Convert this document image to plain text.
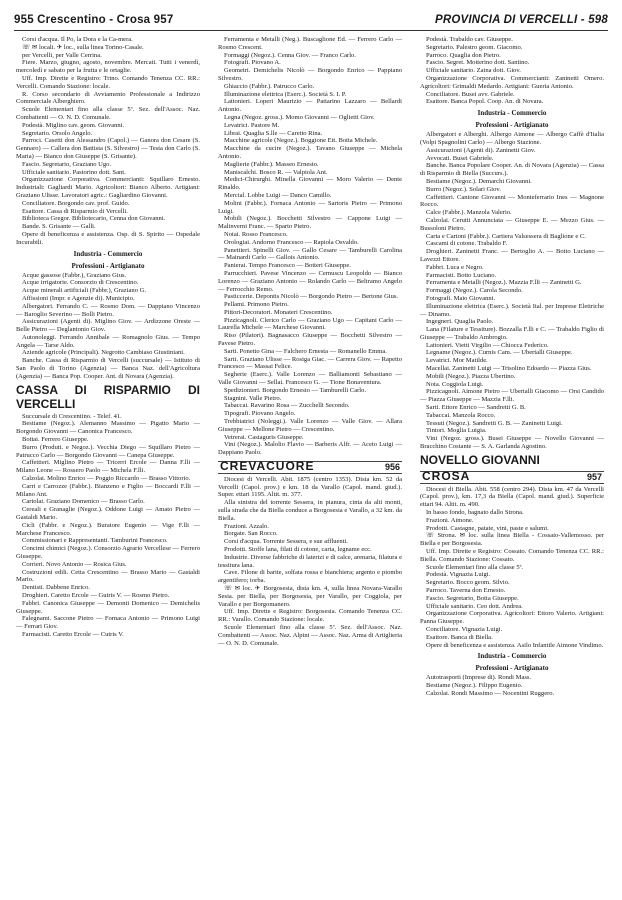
955 Crescentino - Crosa 957	PROVINCIA DI VERCELLI - 598

Corsi d'acqua. Il Po, la Dora e la Ca-mera.

☏ ✉ locali. ✈ loc., sulla linea Torino-Casale.

per Vercelli, per Valle Cerrina.

Fiere. Marzo, giugno, agosto, novembre. Mercati. Tutti i venerdì, mercoledì e sabato per la frutta e le ortaglie.

Uff. Imp. Dirette e Registro: Trino. Comando Tenenza CC. RR.: Vercelli. Comando Stazione: locale.

R. Corso secondario di Avviamento Professionale a Indirizzo Commerciale Alberghiero.

Scuole Elementari fino alla classe 5ª. Sez. dell'Assoc. Naz. Combattenti — O. N. D. Comunale.

Podestà. Miglino cav. geom. Giovanni.

Segretario. Orsolo Angelo.

Parroci. Casetti don Alessandro (Capol.) — Ganora don Cesare (S. Gennaro) — Callera don Battista (S. Silvestro) — Testa don Carlo (S. Maria) — Bianco don Giuseppe (S. Grisante).

Fascio. Segretario, Graziano Ugo.

Ufficiale sanitario. Pastorino dott. Sant.

Organizzazione Corporativa. Commercianti: Squillaro Ernesto. Industriali: Gagliardi Mario. Agricoltori: Bianco Alberto. Artigiani: Graziano Ulisse. Lavoratori agric.: Gagliardino Giovanni.

Conciliatore. Borgondo cav. prof. Guido.

Esattore. Cassa di Risparmio di Vercelli.

Biblioteca Gregor. Bibliotecario, Cenna don Giovanni.

Bande. S. Grisante — Galli.

Opere di beneficenza e assistenza. Osp. di S. Spirito — Ospedale Incurabili.

Industria - Commercio
Professioni - Artigianato

Acque gassose (Fabbr.), Graziano Gius.

Acque irrigatorie. Consorzio di Crescentino.

Acque minerali artificiali (Fabbr.), Graziano G.

Affissioni (Impr. e Agenzie di). Municipio.

Albergatori. Ferrando C. — Rosmo Dom. — Dappiano Vincenzo — Baroglio Severino — Bolli Pietro.

Assicurazioni (Agenti di). Miglino Giov. — Ardizzone Oreste — Belle Pietro — Deglantonio Giov.

Autonoleggi. Ferrando Annibale — Romagnolo Gius. — Tempo Angela — Tarse Aldo.

Aziende agricole (Principali). Negrotto Cambiaso Giustiniani.

Banche. Cassa di Risparmio di Vercelli (succursale) — Istituto di San Paolo di Torino (Agenzia) — Banca Naz. dell'Agricoltura (Agenzia) — Banca Pop. Cooper. Ant. di Novara (Agenzia).

CASSA DI RISPARMIO DI VERCELLI

Succursale di Crescentino. - Telef. 41.

Bestiame (Negoz.). Alemanno Massimo — Pigatto Mario — Borgondo Giovanni — Canonica Francesco.

Bottai. Ferrero Giuseppe.

Burro (Produtt. e Negoz.). Vecchia Diego — Squillaro Pietro — Patrucco Carlo — Borgondo Giovanni — Canepa Giuseppe.

Caffettieri. Miglino Pietro — Tricerri Ercole — Danna F.lli — Milano Leone — Rossero Paolo — Michela F.lli.

Calzolai. Molino Enrico — Poggio Riccardo — Brasso Vittorio.

Carri e Carrozze (Fabbr.). Bianzeno e Figlio — Boccardi F.lli — Milano Ant.

Cartolai. Graziano Domenico — Brasso Carlo.

Cereali e Granaglie (Negoz.). Oddone Luigi — Amato Pietro — Gastaldi Mario.

Cicli (Fabbr. e Negoz.). Buratore Eugenio — Vige F.lli — Marchese Francesco.

Commissionari e Rappresentanti. Tamburini Francesco.

Concimi chimici (Negoz.). Consorzio Agrario Vercellese — Ferrero Giuseppe.

Corrieri. Novo Antonio — Rosica Gius.

Costruzioni edili. Cetta Crescentino — Brasso Mario — Gastaldi Mario.

Dentisti. Dabbene Enrico.

Droghieri. Caretto Ercole — Gutris V. — Rosmo Pietro.

Fabbri. Canonica Giuseppe — Demonti Domenico — Demichelis Giuseppe.

Falegnami. Saccone Pietro — Fornaca Antonio — Primono Luigi — Ferrari Giov.

Farmacisti. Caretto Ercole — Cutris V.

Ferramenta e Metalli (Neg.). Buscaglione Ed. — Ferrero Carlo — Rosmo Crescent.

Formaggi (Negoz.). Cenna Giov. — Franco Carlo.

Fotografi. Piovano A.

Geometri. Demichelis Nicolò — Borgondo Enrico — Pappiano Silvestro.

Ghiaccio (Fabbr.). Patrucco Carlo.

Illuminazione elettrica (Eserc.). Società S. I. P.

Lattonieri. Loperi Maurizio — Pattarino Lazzaro — Bellardi Antonio.

Legna (Negoz. gross.). Momo Giovanni — Oglietti Giov.

Levatrici. Pastore M.

Librai. Quaglia S.lle — Caretto Rina.

Macchine agricole (Negoz.). Boggione Ett. Botta Michele.

Macchine da cucire (Negoz.). Tavano Giuseppe — Michela Antonio.

Maglierie (Fabbr.). Masseo Ernesto.

Maniscalchi. Bosco R. — Valpiola Ant.

Medici-Chirurghi. Minella Giovanni — Moro Valerio — Dente Rinaldo.

Mercial. Lobbe Luigi — Danco Camillo.

Molini (Fabbr.). Fornaca Antonio — Sartoris Pietro — Primono Luigi.

Mobili (Negoz.). Bocchetti Silvestro — Cappone Luigi — Malinverni Franc. — Sparto Pietro.

Notai. Rosso Francesco.

Orologiai. Andorno Francesco — Rapiola Osvaldo.

Panettieri. Spinelli Giov. — Gallo Cesare — Tamburelli Carolina — Mainardi Carlo — Gallois Antonio.

Panierai. Tempo Francesco — Botteri Giuseppe.

Parrucchieri. Pavese Vincenzo — Cernuscu Leopoldo — Bianco Lorenzo — Graziano Antonio — Rolando Carlo — Beltramo Angelo — Ferrocchio Remo.

Pasticcerie. Depontis Nicolò — Borgondo Pietro — Bertone Gius.

Pellami. Primono Pietro.

Pittori-Decoratori. Monateri Crescentino.

Pizzicagnoli. Clerico Carlo — Graziano Ugo — Capitani Carlo — Laurella Michele — Marchese Giovanni.

Riso (Pilatori). Bagnasacco Giuseppe — Bocchetti Silvestro — Pavese Pietro.

Sarti. Ponetto Gina — Falchero Ernesta — Romanello Emma.

Sarti. Graziano Ulisse — Rosiga Giac. — Carrera Giov. — Rapetto Francesco — Massai Felice.

Segherie (Eserc.). Valle Lorenzo — Balliamonti Sebastiano — Valle Giovanni — Sellai. Francesco G. — Tione Bonaventura.

Spedizionieri. Borgondo Ernesto — Tamburelli Carlo.

Stagnini. Valle Pietro.

Tabaccai. Ravarino Rosa — Zucchelli Secondo.

Tipografi. Piovano Angelo.

Trebbiatrici (Noleggi.). Valle Lorenzo — Valle Giov. — Allara Giuseppe — Mellone Pietro — Crescentino.

Vetrerai. Castaguris Giuseppe.

Vini (Negoz.). Malolio Flavio — Barberis Alfr. — Aceto Luigi — Dappiano Paolo.

CREVACUORE	956

Diocesi di Vercelli. Abit. 1875 (centro 1353). Dista km. 52 da Vercelli (Capol. prov.) e km. 18 da Varallo (Capol. mand. giud.). Super. ettari 1195. Altit. m. 377.

Alla sinistra del torrente Sessera, in pianura, cinta da alti monti, sulla strada che da Biella conduce a Borgosesia e Varallo, a 32 km. da Biella.

Frazioni. Azzalo.

Borgate. San Rocco.

Corsi d'acqua. Torrente Sessera, e sue affluenti.

Prodotti. Stoffe lana, filati di cotone, carta, legname ecc.

Industrie. Diverse fabbriche di laterizi e di calce, arenaria, filatura e tessitura lana.

Cave. Filone di barite, solfata rossa e bianchiera; argento e piombo argentifero; torba.

☏ ✉ loc. ✈ Borgosesia, dista km. 4, sulla linea Novara-Varallo Sesia. per Biella, per Borgosesia, per Varallo, per Coggiola, per Varallo e per Borgomanero.

Uff. Imp. Dirette e Registro: Borgosesia. Comando Tenenza CC. RR.: Varallo. Comando Stazione: locale.

Scuole Elementari fino alla classe 5ª. Sez. dell'Assoc. Naz. Combattenti — Assoc. Naz. Alpini — Assoc. Naz. Arma di Artiglieria — O. N. D. Comunale.

Podestà. Trabaldo cav. Giuseppe.

Segretario. Palestro geom. Giacomo.

Parroco. Quaglia don Pietro.

Fascio. Segret. Motterino dott. Santino.

Ufficiale sanitario. Zaina dott. Giov.

Organizzazione Corporativa. Commercianti: Zaninetti Omero. Agricoltori: Grimaldi Medardo. Artigiani: Gueria Antonio.

Conciliatore. Busei avv. Gabriele.

Esattore. Banca Popol. Coop. An. di Novara.

Industria - Commercio
Professioni - Artigianato

Albergatori e Alberghi. Albergo Aimone — Albergo Caffè d'Italia (Volpi Spagnolini Carlo) — Albergo Stazione.

Assicurazioni (Agenti di). Zaninetti Giov.

Avvocati. Busei Gabriele.

Banche. Banca Popolare Cooper. An. di Novara (Agenzia) — Cassa di Risparmio di Biella (Succurs.).

Bestiame (Negoz.). Demarchi Giovanni.

Burro (Negoz.). Solari Giov.

Caffettieri. Cantone Giovanni — Monteferrario Ines — Magnone Rocco.

Calce (Fabbr.). Manzola Valerio.

Calzolai. Cerutti Annunciata — Giuseppe E. — Mezzo Gius. — Bussoloni Pietro.

Carta e Cartoni (Fabbr.). Cartiera Valsessera di Baglione e C.

Cascami di cotone. Trabaldo F.

Droghieri. Zaninetti Franc. — Bertoglio A. — Botto Luciano — Lavezzi Ettore.

Fabbri. Luca e Negro.

Farmacisti. Botto Luciano.

Ferramenta e Metalli (Negoz.). Mazzia F.lli — Zaninetti G.

Formaggi (Negoz.). Carola Secondo.

Fotografi. Maio Giovanni.

Illuminazione elettrica (Eserc.). Società Ital. per Imprese Elettriche — Dinamo.

Ingegneri. Quaglia Paolo.

Lana (Filature e Tessiture). Bozzalla F.lli e C. — Trabaldo Figlio di Giuseppe — Trabaldo Ambrogio.

Lattonieri. Vietti Virgilio — Chiocca Federico.

Legname (Negoz.). Curnis Cam. — Ubertalli Giuseppe.

Levatrici. Mor Matilde.

Macellai. Zaninetti Luigi — Trisolino Edoardo — Piazza Gius.

Mobili (Negoz.). Piazza Ubertino.

Nota. Coggiola Luigi.

Pizzicagnoli. Aimone Pietro — Ubertalli Giacomo — Orsi Candido — Piazza Giuseppe — Mazzia F.lli.

Sarti. Ettore Enrico — Sandretti G. B.

Tabaccai. Manzola Rocco.

Tessuti (Negoz.). Sandretti G. B. — Zaninetti Luigi.

Tintori. Moglia Luigia.

Vini (Negoz. gross.). Busei Giuseppe — Novello Giovanni — Bracchino Costante — S. A. Garlanda Agostino.

NOVELLO GIOVANNI
CROSA	957

Diocesi di Biella. Abit. 558 (centro 294). Dista km. 47 da Vercelli (Capol. prov.), km. 17,3 da Biella (Capol. mand. giud.). Superficie ettari 94. Altit. m. 490.

In basso fondo, bagnato dallo Strona.

Frazioni. Aimone.

Prodotti. Castagne, patate, vini, paste e salumi.

☏ Strona. ✉ loc. sulla linea Biella - Cossato-Vallemosso. per Biella e per Borgosesia.

Uff. Imp. Dirette e Registro: Cossato. Comando Tenenza CC. RR.: Biella. Comando Stazione: Cossato.

Scuole Elementari fino alla classe 5ª.

Podestà. Vignazia Luigi.

Segretario. Bocco geom. Silvio.

Parroco. Taverna don Ernesto.

Fascio. Segretario, Botta Giuseppe.

Ufficiale sanitario. Ceo dott. Andrea.

Organizzazione Corporativa. Agricoltori: Ettoro Valerio. Artigiani: Panna Giuseppe.

Conciliatore. Vignazia Luigi.

Esattore. Banca di Biella.

Opere di beneficenza e assistenza. Asilo Infantile Aimone Vindimo.

Industria - Commercio
Professioni - Artigianato

Autotrasporti (Imprese di). Rondi Mass.

Bestiame (Negoz.). Filippo Eugenio.

Calzolai. Rondi Massimo — Nocentini Ruggero.
